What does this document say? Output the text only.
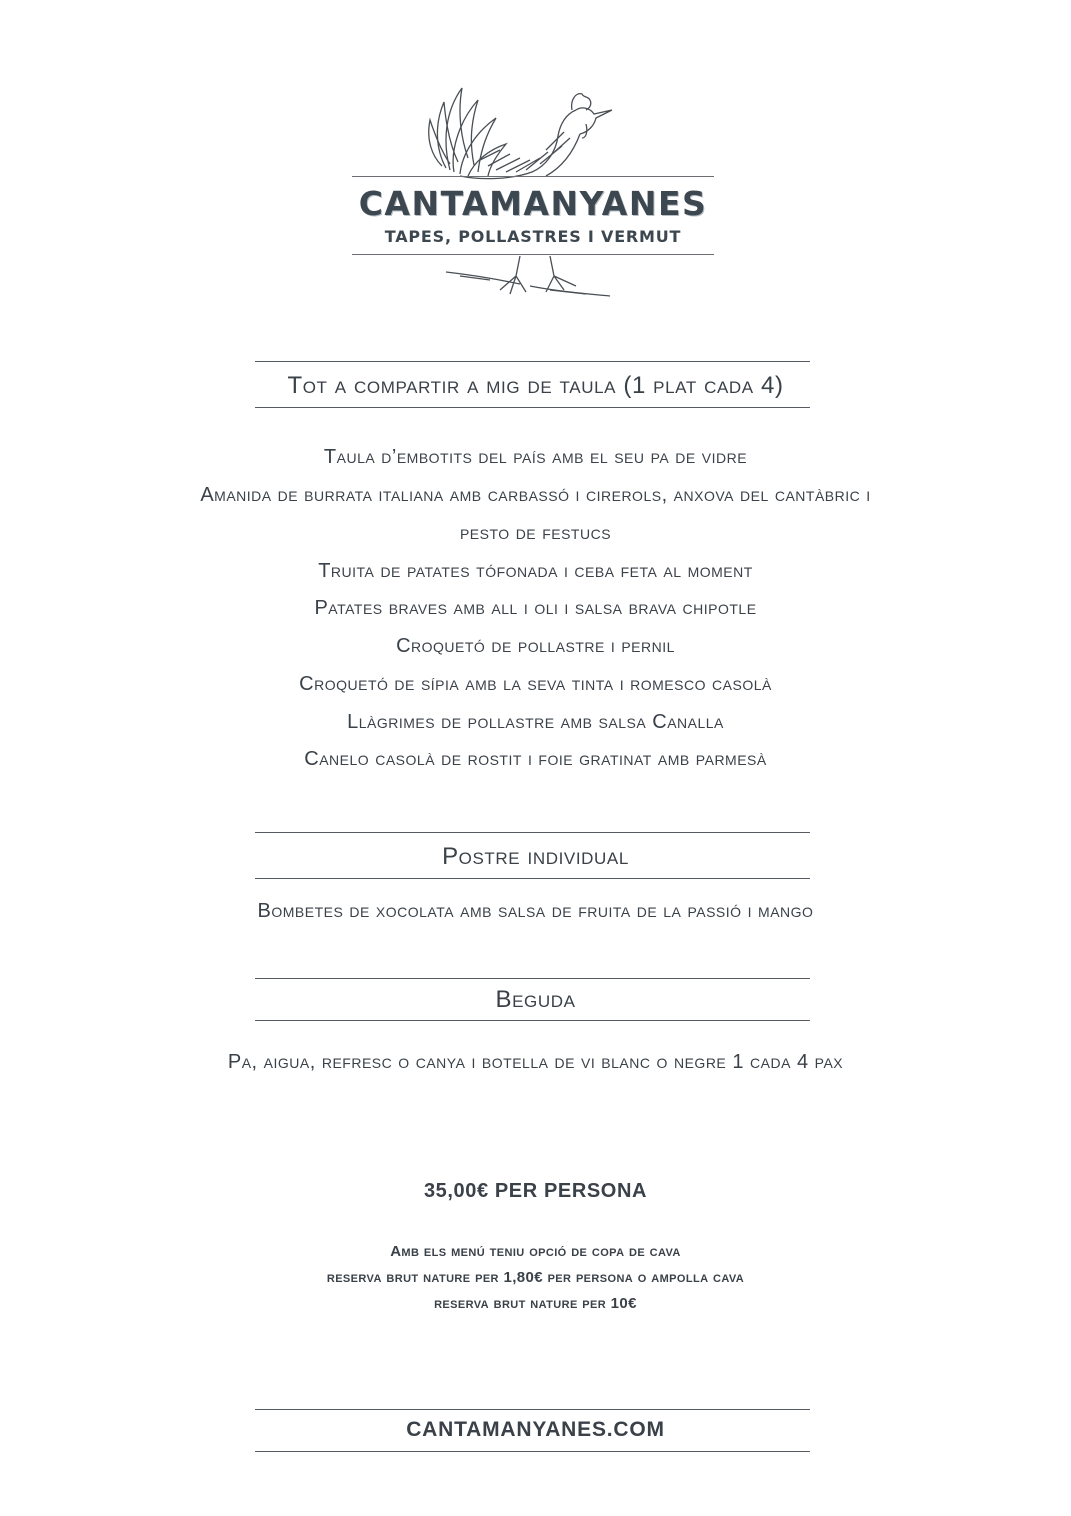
CANTAMANYANES
TAPES, POLLASTRES I VERMUT
Tot a compartir a mig de taula (1 plat cada 4)
Taula d’embotits del país amb el seu pa de vidre
Amanida de burrata italiana amb carbassó i cirerols, anxova del cantàbric i
pesto de festucs
Truita de patates tófonada i ceba feta al moment
Patates braves amb all i oli i salsa brava chipotle
Croquetó de pollastre i pernil
Croquetó de sípia amb la seva tinta i romesco casolà
Llàgrimes de pollastre amb salsa Canalla
Canelo casolà de rostit i foie gratinat amb parmesà
Postre individual
Bombetes de xocolata amb salsa de fruita de la passió i mango
Beguda
Pa, aigua, refresc o canya i botella de vi blanc o negre 1 cada 4 pax
35,00€ PER PERSONA
Amb els menú teniu opció de copa de cava
reserva brut nature per 1,80€ per persona o ampolla cava
reserva brut nature per 10€
CANTAMANYANES.COM
